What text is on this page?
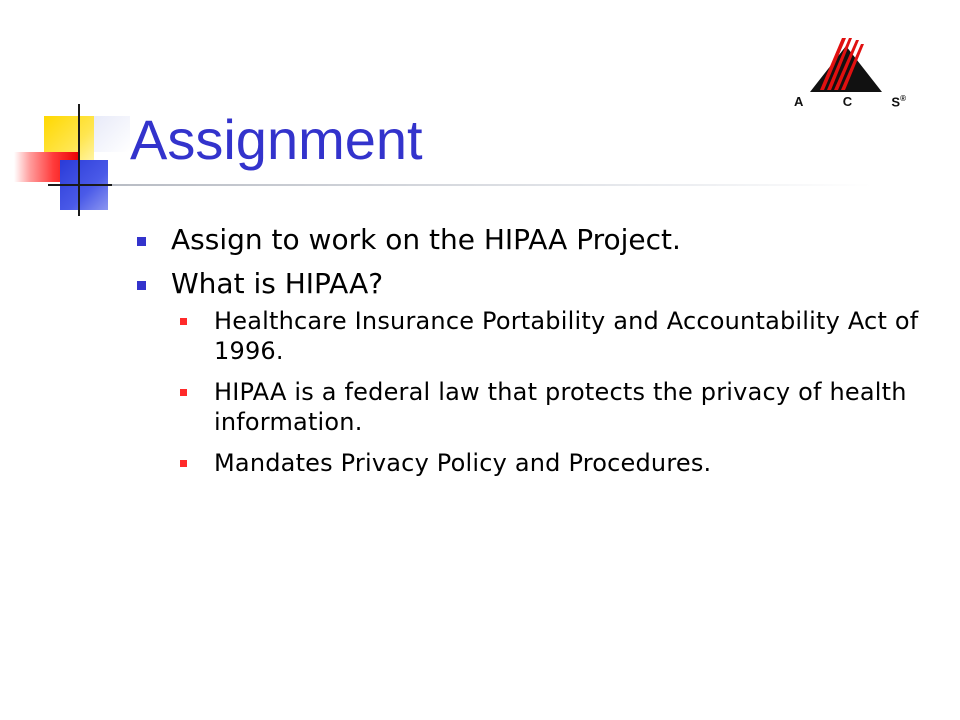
Assignment
A	C	S®
Assign to work on the HIPAA Project.
What is HIPAA?
Healthcare Insurance Portability and Accountability Act of 1996.
HIPAA is a federal law that protects the privacy of health information.
Mandates Privacy Policy and Procedures.
